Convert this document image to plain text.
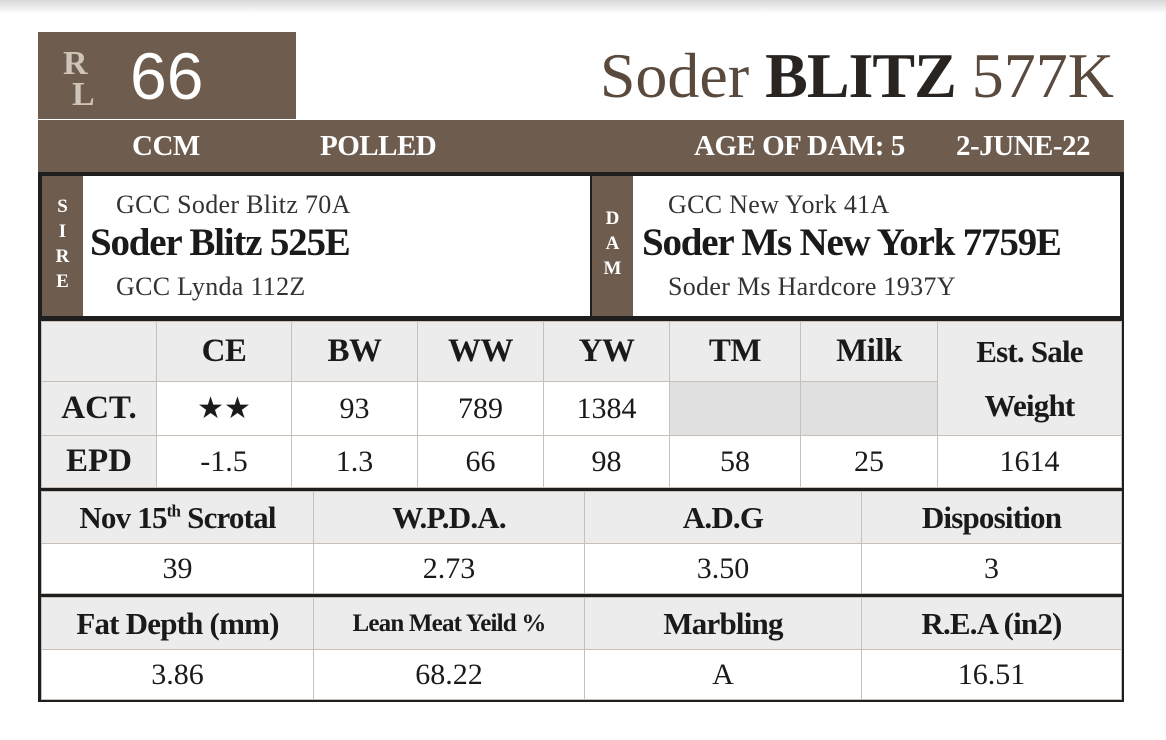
R
L 66	Soder BLITZ 577K
CCM	POLLED	AGE OF DAM: 5 2-JUNE-22
S
I
R
E
GCC Soder Blitz 70A
Soder Blitz 525E
GCC Lynda 112Z
D
A
M
GCC New York 41A
Soder Ms New York 7759E
Soder Ms Hardcore 1937Y
	CE	BW	WW	YW	TM	Milk	Est. Sale
Weight

ACT.	★★	93	789	1384			
EPD	-1.5	1.3	66	98	58	25	1614
Nov 15th Scrotal	W.P.D.A.	A.D.G	Disposition
39	2.73	3.50	3
Fat Depth (mm)	Lean Meat Yeild %	Marbling	R.E.A (in2)
3.86	68.22	A	16.51
